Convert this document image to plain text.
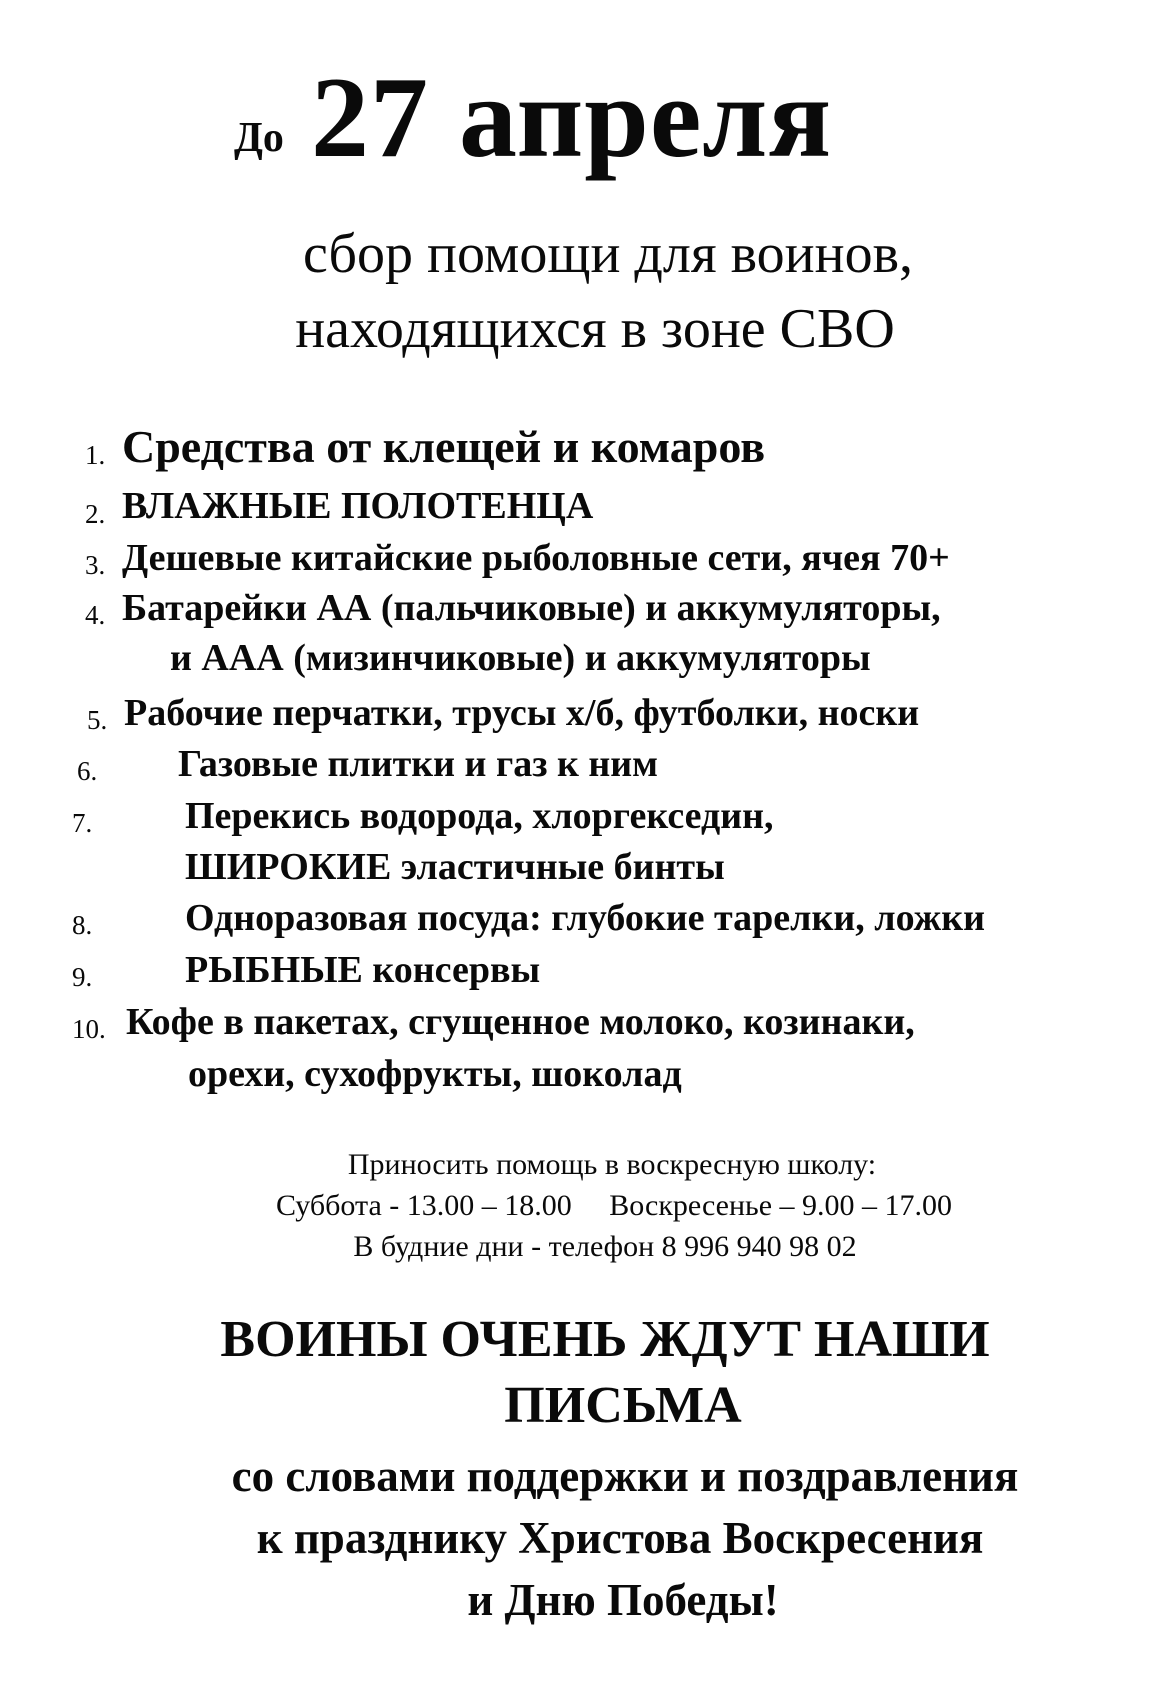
До 27 апреля
сбор помощи для воинов,
находящихся в зоне СВО
1. Средства от клещей и комаров
2. ВЛАЖНЫЕ ПОЛОТЕНЦА
3. Дешевые китайские рыболовные сети, ячея 70+
4. Батарейки АА (пальчиковые) и аккумуляторы,
и ААА (мизинчиковые) и аккумуляторы
5. Рабочие перчатки, трусы х/б, футболки, носки
6. Газовые плитки и газ к ним
7. Перекись водорода, хлоргекседин,
ШИРОКИЕ эластичные бинты
8. Одноразовая посуда: глубокие тарелки, ложки
9. РЫБНЫЕ консервы
10. Кофе в пакетах, сгущенное молоко, козинаки,
орехи, сухофрукты, шоколад
Приносить помощь в воскресную школу:
Суббота - 13.00 – 18.00     Воскресенье – 9.00 – 17.00
В будние дни - телефон 8 996 940 98 02
ВОИНЫ ОЧЕНЬ ЖДУТ НАШИ
ПИСЬМА
со словами поддержки и поздравления
к празднику Христова Воскресения
и Дню Победы!
